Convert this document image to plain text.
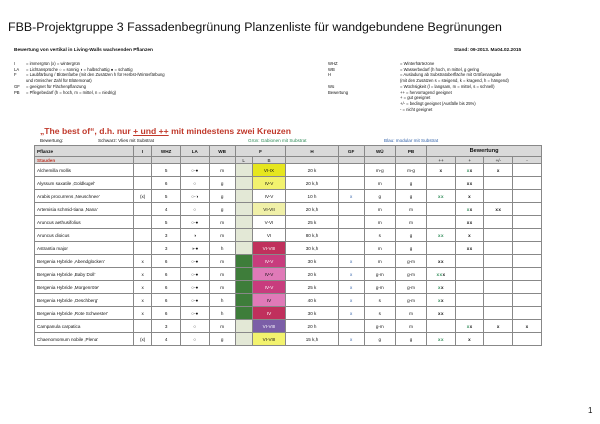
FBB-Projektgruppe 3 Fassadenbegrünung Planzenliste für wandgebundene Begrünungen
Bewertung von vertikal in Living-Walls wachsenden Pflanzen	Stand: 09-2013. Ma04.02.2015
I	= immergrün (x) = wintergrün
LA	= Lichtansprüche ○ = sonnig ◑ = halbschattig ● = schattig
F	= Laubfärbung / Blütenfarbe (mit den Zusätzen h für Herbst-/Winterfärbung
und römischer Zahl für Blütemonat)
GF	= geeignet für Flächenpflanzung
PB	= Pflegebedarf (h = hoch, m = mittel, n = niedrig)
WHZ	= Winterhärtezone
WB	= Wasserbedarf (h hoch, m mittel, g gering
H	= Ausladung ab Substratoberfläche mit Größenangabe
(mit den Zusätzen s = steigend, k = kragend, h = hängend)
Wü	= Wüchsigkeit (l = langsam, m = mittel, s = schnell)
Bewertung	++ = hervorragend geeignet
+ = gut geeignet
+/- = bedingt geeignet (Ausfälle bis 25%)
- = nicht geeignet
„The best of“, d.h. nur + und ++ mit mindestens zwei Kreuzen
Bewertung:	Schwarz: Vlies mit Substrat	Grün: Gabionen mit Substrat	Blau: modular mit Substrat
Pflanze	I	WHZ	LA	WB	F		H	GF	WÜ	PB	Bewertung			
Stauden					L	B					++	+	+/-	-
Alchemilla mollis		5	○-●	m		VI-IX	20 k		m-g	m-g	x	xx	x	
Alyssum saxatile ‚Goldkugel‘		6	○	g		IV-V	20 k,h		m	g		xx		
Arabis procurrens ‚Neuschnee‘	(x)	5	○-◑	g		IV-V	10 h	x	g	g	xx	x		
Artemisia schmid-tiana ‚Nana‘		4	○	g		VI-VII	20 k,h		m	m		xx	xx	
Aruncus aethusifolius		5	○-●	m		V-VI	25 k		m	m		xx		
Aruncus dioicus		3	◑	m		VI	80 k,h		s	g	xx	x		
Astrantia major		3	◑-●	h		VI-VIII	30 k,h		m	g		xx		
Bergenia Hybride ‚Abendglocken‘	x	6	○-●	m		IV-V	30 k	x	m	g-m	xx			
Bergenia Hybride ‚Baby Doll‘	x	6	○-●	m		IV-V	20 k	x	g-m	g-m	xxx			
Bergenia Hybride ‚Morgenröte‘	x	6	○-●	m		IV-V	25 k	x	g-m	g-m	xx			
Bergenia Hybride ‚Oeschberg‘	x	6	○-●	h		IV	40 k	x	s	g-m	xx			
Bergenia Hybride ‚Rote Schwester‘	x	6	○-●	h		IV	30 k	x	s	m	xx			
Campanula carpatica		3	○	m		VI-VIII	20 h		g-m	m		xx	x	x
Chaenomomum nobile ‚Plena‘	(x)	4	○	g		VI-VIII	15 k,h	x	g	g	xx	x		
1
